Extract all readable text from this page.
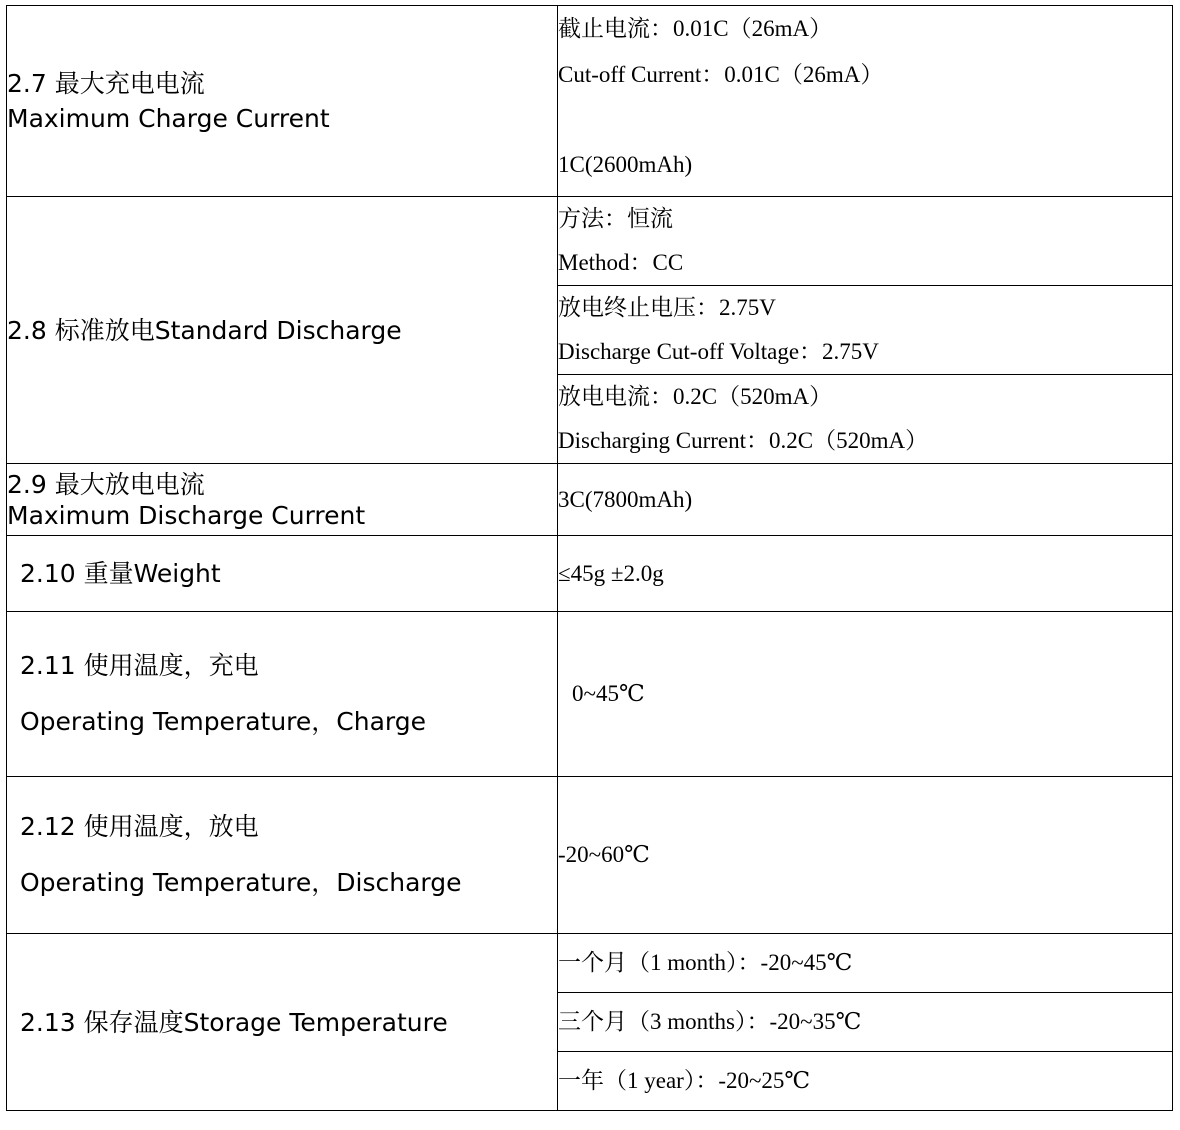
2.7 最大充电电流
Maximum Charge Current	截止电流：0.01C（26mA）
Cut-off Current：0.01C（26mA）
1C(2600mAh)

2.8 标准放电Standard Discharge	方法：恒流
Method：CC

	放电终止电压：2.75V
Discharge Cut-off Voltage：2.75V

	放电电流：0.2C（520mA）
Discharging Current：0.2C（520mA）

2.9 最大放电电流
Maximum Discharge Current	3C(7800mAh)

2.10 重量Weight	≤45g ±2.0g

2.11 使用温度，充电
Operating Temperature，Charge	0~45℃

2.12 使用温度，放电
Operating Temperature，Discharge	-20~60℃

2.13 保存温度Storage Temperature	一个月（1 month）：-20~45℃

	三个月（3 months）：-20~35℃

	一年（1 year）：-20~25℃
